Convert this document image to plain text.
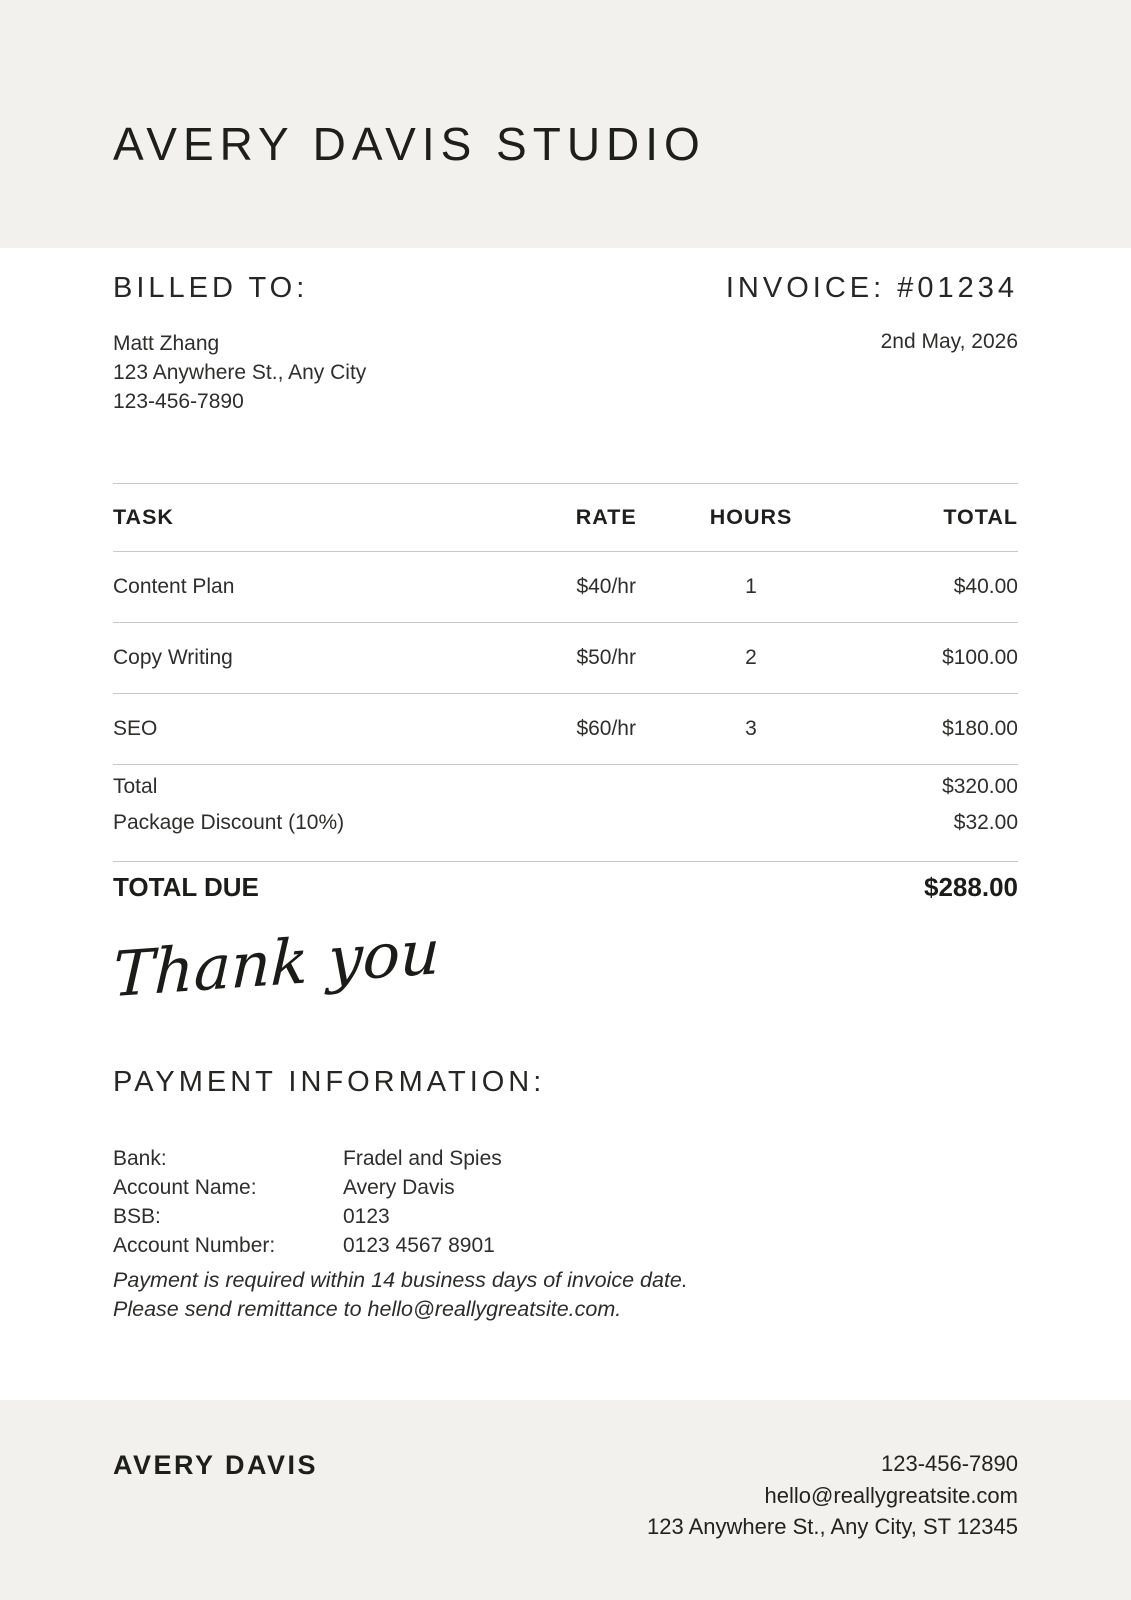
AVERY DAVIS STUDIO
BILLED TO:
Matt Zhang
123 Anywhere St., Any City
123-456-7890
INVOICE: #01234
2nd May, 2026
TASK	RATE	HOURS	TOTAL
Content Plan	$40/hr	1	$40.00
Copy Writing	$50/hr	2	$100.00
SEO	$60/hr	3	$180.00
Total	$320.00
Package Discount (10%)	$32.00
TOTAL DUE	$288.00
Thank you
PAYMENT INFORMATION:
Bank:	Fradel and Spies
Account Name:	Avery Davis
BSB:	0123
Account Number:	0123 4567 8901
Payment is required within 14 business days of invoice date.
Please send remittance to hello@reallygreatsite.com.
AVERY DAVIS	123-456-7890
hello@reallygreatsite.com
123 Anywhere St., Any City, ST 12345
